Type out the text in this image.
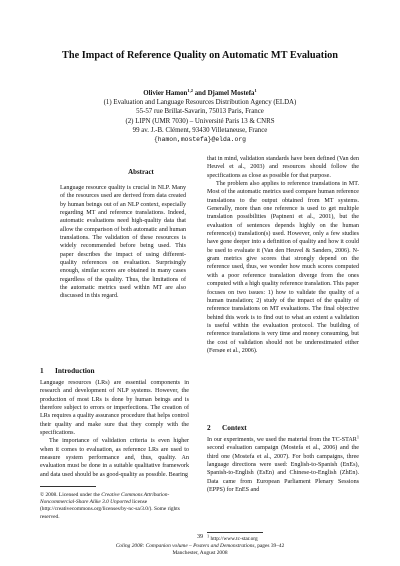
The Impact of Reference Quality on Automatic MT Evaluation
Olivier Hamon$^{1,2}$ and Djamel Mostefa$^1$
(1) Evaluation and Language Resources Distribution Agency (ELDA)
55-57 rue Brillat-Savarin, 75013 Paris, France
(2) LIPN (UMR 7030) – Université Paris 13 & CNRS
99 av. J.-B. Clément, 93430 Villetaneuse, France
{hamon,mostefa}@elda.org
Abstract
Language resource quality is crucial in NLP. Many of the resources used are derived from data created by human beings out of an NLP context, especially regarding MT and reference translations. Indeed, automatic evaluations need high-quality data that allow the comparison of both automatic and human translations. The validation of these resources is widely recommended before being used. This paper describes the impact of using different-quality references on evaluation. Surprisingly enough, similar scores are obtained in many cases regardless of the quality. Thus, the limitations of the automatic metrics used within MT are also discussed in this regard.
1 Introduction

Language resources (LRs) are essential components in research and development of NLP systems. However, the production of most LRs is done by human beings and is therefore subject to errors or imperfections. The creation of LRs requires a quality assurance procedure that helps control their quality and make sure that they comply with the specifications.

The importance of validation criteria is even higher when it comes to evaluation, as reference LRs are used to measure system performance and, thus, quality. An evaluation must be done in a suitable qualitative framework and data used should be as good-quality as possible. Bearing

that in mind, validation standards have been defined (Van den Heuvel et al., 2003) and resources should follow the specifications as close as possible for that purpose.

The problem also applies to reference translations in MT. Most of the automatic metrics used compare human reference translations to the output obtained from MT systems. Generally, more than one reference is used to get multiple translation possibilities (Papineni et al., 2001), but the evaluation of sentences depends highly on the human reference(s) translation(s) used. However, only a few studies have gone deeper into a definition of quality and how it could be used to evaluate it (Van den Heuvel & Sanders, 2006). N-gram metrics give scores that strongly depend on the reference used, thus, we wonder how much scores computed with a poor reference translation diverge from the ones computed with a high quality reference translation. This paper focuses on two issues: 1) how to validate the quality of a human translation; 2) study of the impact of the quality of reference translations on MT evaluations. The final objective behind this work is to find out to what an extent a validation is useful within the evaluation protocol. The building of reference translations is very time and money consuming, but the cost of validation should not be underestimated either (Fersøe et al., 2006).

2 Context
In our experiments, we used the material from the TC-STAR$^1$ second evaluation campaign (Mostefa et al., 2006) and the third one (Mostefa et al., 2007). For both campaigns, three language directions were used: English-to-Spanish (EnEs), Spanish-to-English (EsEn) and Chinese-to-English (ZhEn). Data came from European Parliament Plenary Sessions (EPPS) for EnES and
© 2008. Licensed under the Creative Commons Attribution-Noncommercial-Share Alike 3.0 Unported license (http://creativecommons.org/licenses/by-nc-sa/3.0/). Some rights reserved.
$^1$ http://www.tc-star.org
39
Coling 2008: Companion volume – Posters and Demonstrations, pages 39–42
Manchester, August 2008
